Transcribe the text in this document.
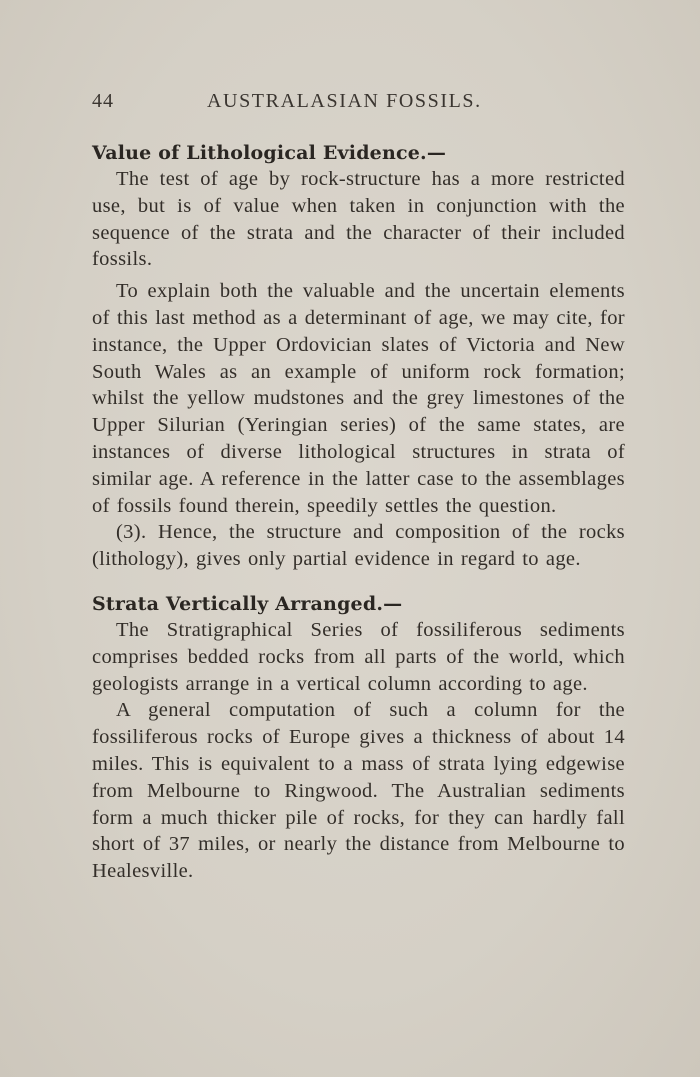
44	AUSTRALASIAN FOSSILS.
Value of Lithological Evidence.—

The test of age by rock-structure has a more restricted use, but is of value when taken in conjunction with the sequence of the strata and the character of their included fossils.

To explain both the valuable and the uncertain elements of this last method as a determinant of age, we may cite, for instance, the Upper Ordovician slates of Victoria and New South Wales as an example of uniform rock formation; whilst the yellow mudstones and the grey limestones of the Upper Silurian (Yeringian series) of the same states, are instances of diverse lithological structures in strata of similar age. A reference in the latter case to the assemblages of fossils found therein, speedily settles the question.

(3). Hence, the structure and composition of the rocks (lithology), gives only partial evidence in regard to age.

Strata Vertically Arranged.—

The Stratigraphical Series of fossiliferous sediments comprises bedded rocks from all parts of the world, which geologists arrange in a vertical column according to age.

A general computation of such a column for the fossiliferous rocks of Europe gives a thickness of about 14 miles. This is equivalent to a mass of strata lying edgewise from Melbourne to Ringwood. The Australian sediments form a much thicker pile of rocks, for they can hardly fall short of 37 miles, or nearly the distance from Melbourne to Healesville.
